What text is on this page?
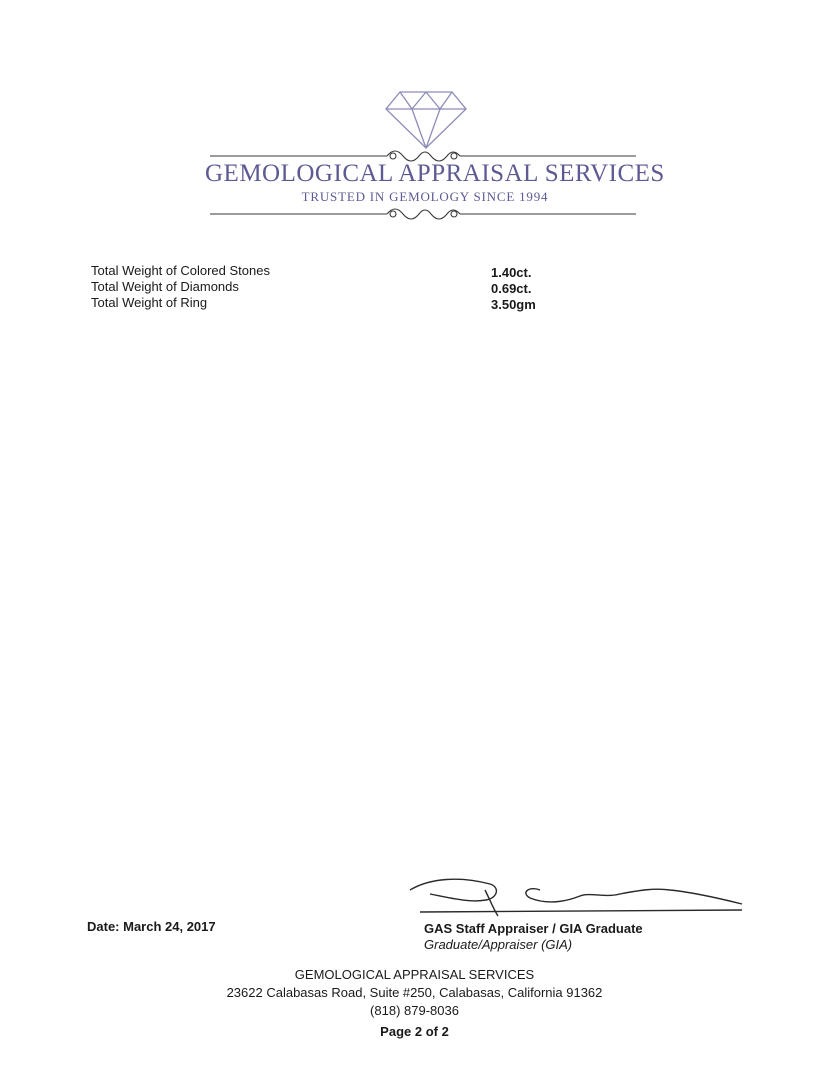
GEMOLOGICAL APPRAISAL SERVICES
TRUSTED IN GEMOLOGY SINCE 1994
Total Weight of Colored Stones	1.40ct.
Total Weight of Diamonds	0.69ct.
Total Weight of Ring	3.50gm
Date: March 24, 2017	GAS Staff Appraiser / GIA Graduate
Graduate/Appraiser (GIA)
GEMOLOGICAL APPRAISAL SERVICES
23622 Calabasas Road, Suite #250, Calabasas, California 91362
(818) 879-8036
Page 2 of 2
